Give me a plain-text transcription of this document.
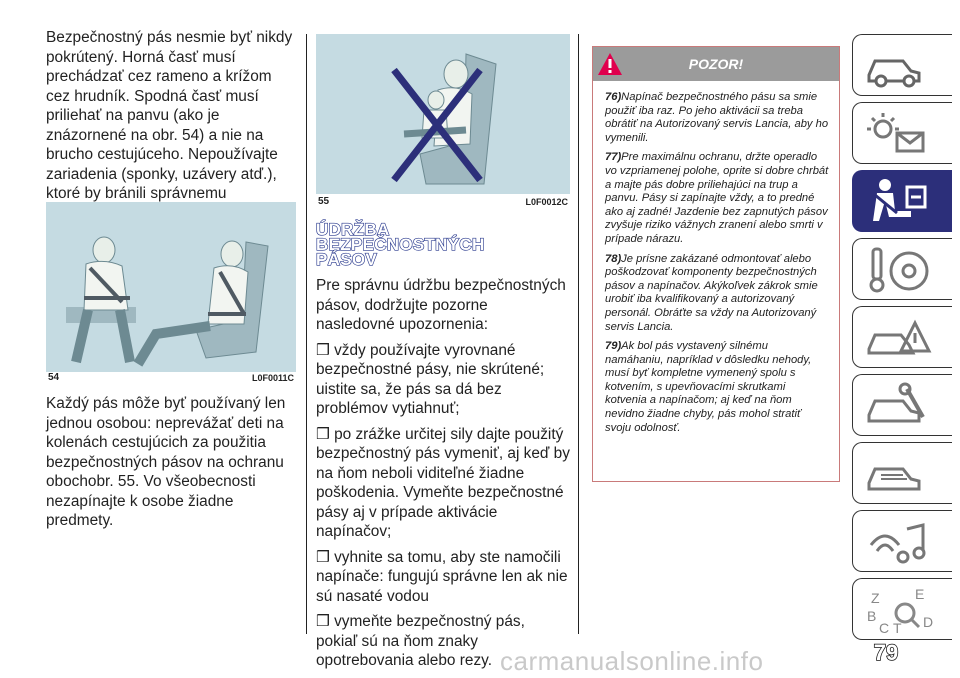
Bezpečnostný pás nesmie byť nikdy pokrútený. Horná časť musí prechádzať cez rameno a krížom cez hrudník. Spodná časť musí priliehať na panvu (ako je znázornené na obr. 54) a nie na brucho cestujúceho. Nepoužívajte zariadenia (sponky, uzávery atď.), ktoré by bránili správnemu

54	L0F0011C

Každý pás môže byť používaný len jednou osobou: neprevážať deti na kolenách cestujúcich za použitia bezpečnostných pásov na ochranu obochobr. 55. Vo všeobecnosti nezapínajte k osobe žiadne predmety.

55	L0F0012C
ÚDRŽBA
BEZPEČNOSTNÝCH
PÁSOV

Pre správnu údržbu bezpečnostných pásov, dodržujte pozorne nasledovné upozornenia:

❒ vždy používajte vyrovnané bezpečnostné pásy, nie skrútené; uistite sa, že pás sa dá bez problémov vytiahnuť;

❒ po zrážke určitej sily dajte použitý bezpečnostný pás vymeniť, aj keď by na ňom neboli viditeľné žiadne poškodenia. Vymeňte bezpečnostné pásy aj v prípade aktivácie napínačov;

❒ vyhnite sa tomu, aby ste namočili napínače: fungujú správne len ak nie sú nasaté vodou

❒ vymeňte bezpečnostný pás, pokiaľ sú na ňom znaky opotrebovania alebo rezy.

POZOR!

76)Napínač bezpečnostného pásu sa smie použiť iba raz. Po jeho aktivácii sa treba obrátiť na Autorizovaný servis Lancia, aby ho vymenili.

77)Pre maximálnu ochranu, držte operadlo vo vzpriamenej polohe, oprite si dobre chrbát a majte pás dobre priliehajúci na trup a panvu. Pásy si zapínajte vždy, a to predné ako aj zadné! Jazdenie bez zapnutých pásov zvyšuje riziko vážnych zranení alebo smrti v prípade nárazu.

78)Je prísne zakázané odmontovať alebo poškodzovať komponenty bezpečnostných pásov a napínačov. Akýkoľvek zákrok smie urobiť iba kvalifikovaný a autorizovaný personál. Obráťte sa vždy na Autorizovaný servis Lancia.

79)Ak bol pás vystavený silnému namáhaniu, napríklad v dôsledku nehody, musí byť kompletne vymenený spolu s kotvením, s upevňovacími skrutkami kotvenia a napínačom; aj keď na ňom nevidno žiadne chyby, pás mohol stratiť svoju odolnosť.

Z	E
B
C T D
79
carmanualsonline.info
